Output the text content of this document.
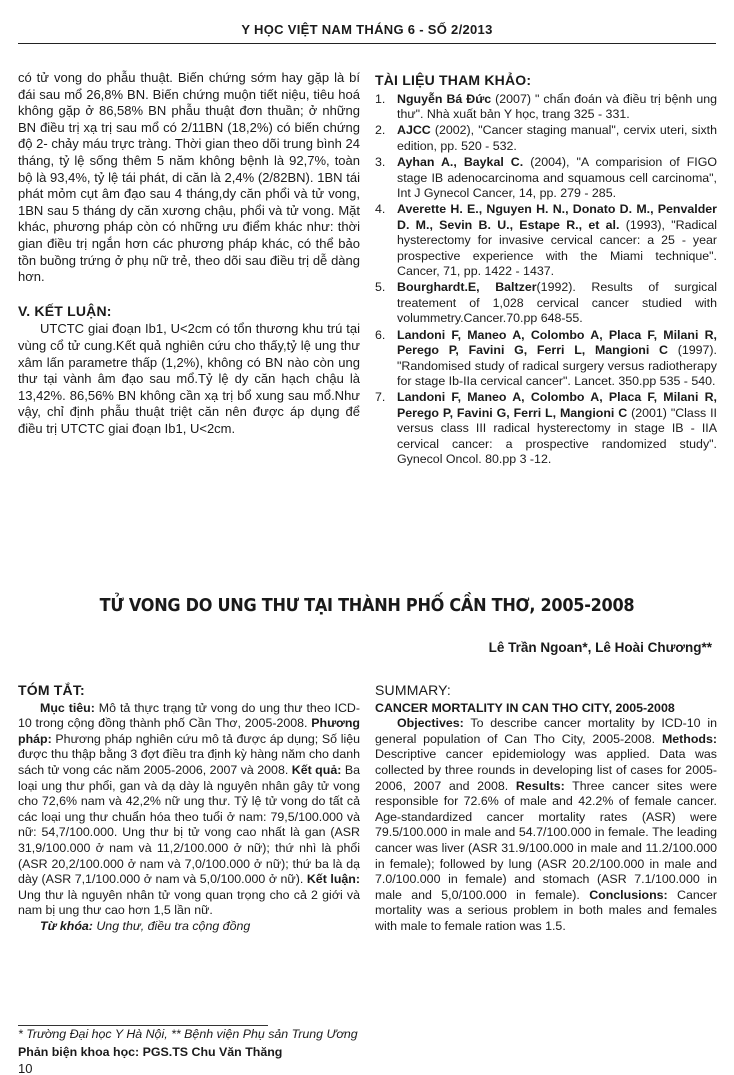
Y HỌC VIỆT NAM THÁNG 6 - SỐ 2/2013

có tử vong do phẫu thuật. Biến chứng sớm hay gặp là bí đái sau mổ 26,8% BN. Biến chứng muộn tiết niệu, tiêu hoá không gặp ở 86,58% BN phẫu thuật đơn thuần; ở những BN điều trị xạ trị sau mổ có 2/11BN (18,2%) có biến chứng độ 2- chảy máu trực tràng. Thời gian theo dõi trung bình 24 tháng, tỷ lệ sống thêm 5 năm không bệnh là 92,7%, toàn bộ là 93,4%, tỷ lệ tái phát, di căn là 2,4% (2/82BN). 1BN tái phát mỏm cụt âm đạo sau 4 tháng,dy căn phổi và tử vong, 1BN sau 5 tháng dy căn xương chậu, phổi và tử vong. Mặt khác, phương pháp còn có những ưu điểm khác như: thời gian điều trị ngắn hơn các phương pháp khác, có thể bảo tồn buồng trứng ở phụ nữ trẻ, theo dõi sau điều trị dễ dàng hơn.

V. KẾT LUẬN:

UTCTC giai đoạn Ib1, U<2cm có tổn thương khu trú tại vùng cổ tử cung.Kết quả nghiên cứu cho thấy,tỷ lệ ung thư xâm lấn parametre thấp (1,2%), không có BN nào còn ung thư tại vành âm đạo sau mổ.Tỷ lệ dy căn hạch chậu là 13,42%. 86,56% BN không cần xạ trị bổ xung sau mổ.Như vậy, chỉ định phẫu thuật triệt căn nên được áp dụng để điều trị UTCTC giai đoạn Ib1, U<2cm.

TÀI LIỆU THAM KHẢO:
1. Nguyễn Bá Đức (2007) " chẩn đoán và điều trị bệnh ung thư". Nhà xuất bản Y học, trang 325 - 331.
2. AJCC (2002), "Cancer staging manual", cervix uteri, sixth edition, pp. 520 - 532.
3. Ayhan A., Baykal C. (2004), "A comparision of FIGO stage IB adenocarcinoma and squamous cell carcinoma", Int J Gynecol Cancer, 14, pp. 279 - 285.
4. Averette H. E., Nguyen H. N., Donato D. M., Penvalder D. M., Sevin B. U., Estape R., et al. (1993), "Radical hysterectomy for invasive cervical cancer: a 25 - year prospective experience with the Miami technique". Cancer, 71, pp. 1422 - 1437.
5. Bourghardt.E, Baltzer(1992). Results of surgical treatement of 1,028 cervical cancer studied with volummetry.Cancer.70.pp 648-55.
6. Landoni F, Maneo A, Colombo A, Placa F, Milani R, Perego P, Favini G, Ferri L, Mangioni C (1997). "Randomised study of radical surgery versus radiotherapy for stage Ib-IIa cervical cancer". Lancet. 350.pp 535 - 540.
7. Landoni F, Maneo A, Colombo A, Placa F, Milani R, Perego P, Favini G, Ferri L, Mangioni C (2001) "Class II versus class III radical hysterectomy in stage IB - IIA cervical cancer: a prospective randomized study". Gynecol Oncol. 80.pp 3 -12.
TỬ VONG DO UNG THƯ TẠI THÀNH PHỐ CẦN THƠ, 2005-2008
Lê Trần Ngoan*, Lê Hoài Chương**
TÓM TẮT:

Mục tiêu: Mô tả thực trạng tử vong do ung thư theo ICD-10 trong cộng đồng thành phố Cần Thơ, 2005-2008. Phương pháp: Phương pháp nghiên cứu mô tả được áp dụng; Số liệu được thu thập bằng 3 đợt điều tra định kỳ hàng năm cho danh sách tử vong các năm 2005-2006, 2007 và 2008. Kết quả: Ba loại ung thư phổi, gan và dạ dày là nguyên nhân gây tử vong cho 72,6% nam và 42,2% nữ ung thư. Tỷ lệ tử vong do tất cả các loại ung thư chuẩn hóa theo tuổi ở nam: 79,5/100.000 và nữ: 54,7/100.000. Ung thư bị tử vong cao nhất là gan (ASR 31,9/100.000 ở nam và 11,2/100.000 ở nữ); thứ nhì là phổi (ASR 20,2/100.000 ở nam và 7,0/100.000 ở nữ); thứ ba là dạ dày (ASR 7,1/100.000 ở nam và 5,0/100.000 ở nữ). Kết luận: Ung thư là nguyên nhân tử vong quan trọng cho cả 2 giới và nam bị ung thư cao hơn 1,5 lần nữ.

Từ khóa: Ung thư, điều tra cộng đồng

SUMMARY:
CANCER MORTALITY IN CAN THO CITY, 2005-2008

Objectives: To describe cancer mortality by ICD-10 in general population of Can Tho City, 2005-2008. Methods: Descriptive cancer epidemiology was applied. Data was collected by three rounds in developing list of cases for 2005-2006, 2007 and 2008. Results: Three cancer sites were responsible for 72.6% of male and 42.2% of female cancer. Age-standardized cancer mortality rates (ASR) were 79.5/100.000 in male and 54.7/100.000 in female. The leading cancer was liver (ASR 31.9/100.000 in male and 11.2/100.000 in female); followed by lung (ASR 20.2/100.000 in male and 7.0/100.000 in female) and stomach (ASR 7.1/100.000 in male and 5,0/100.000 in female). Conclusions: Cancer mortality was a serious problem in both males and females with male to female ration was 1.5.

* Trường Đại học Y Hà Nội, ** Bệnh viện Phụ sản Trung Ương
Phản biện khoa học: PGS.TS Chu Văn Thăng
10
